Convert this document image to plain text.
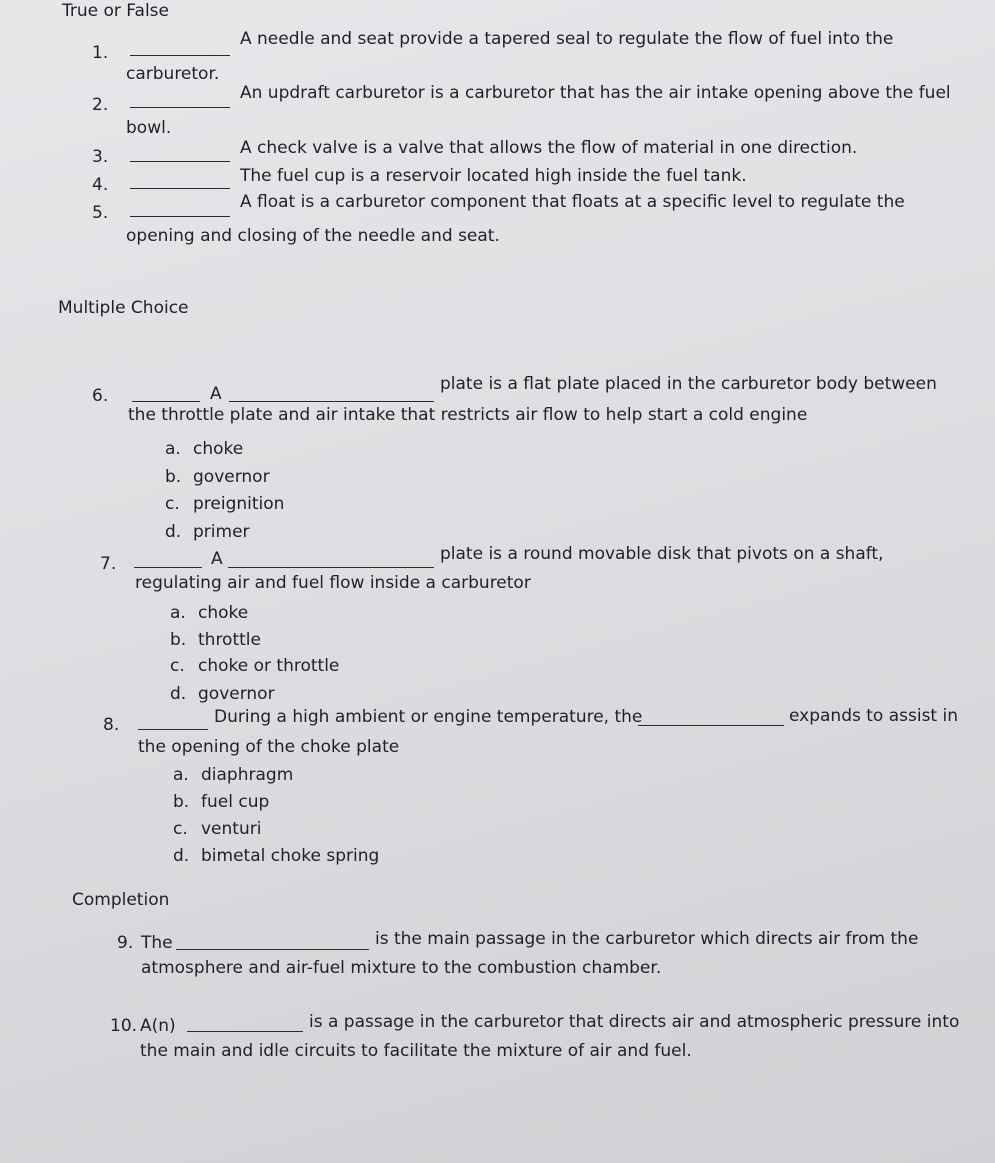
True or False
1.
A needle and seat provide a tapered seal to regulate the flow of fuel into the
carburetor.
2.
An updraft carburetor is a carburetor that has the air intake opening above the fuel
bowl.
3.	A check valve is a valve that allows the flow of material in one direction.
4.	The fuel cup is a reservoir located high inside the fuel tank.
5.
A float is a carburetor component that floats at a specific level to regulate the
opening and closing of the needle and seat.
Multiple Choice
6.	A	plate is a flat plate placed in the carburetor body between
the throttle plate and air intake that restricts air flow to help start a cold engine
a. choke
b. governor
c. preignition
d. primer
7.	A	plate is a round movable disk that pivots on a shaft,
regulating air and fuel flow inside a carburetor
a. choke
b. throttle
c. choke or throttle
d. governor
8.	During a high ambient or engine temperature, the	expands to assist in
the opening of the choke plate
a. diaphragm
b. fuel cup
c. venturi
d. bimetal choke spring
Completion
9. The	is the main passage in the carburetor which directs air from the
atmosphere and air-fuel mixture to the combustion chamber.
10. A(n)	is a passage in the carburetor that directs air and atmospheric pressure into
the main and idle circuits to facilitate the mixture of air and fuel.
